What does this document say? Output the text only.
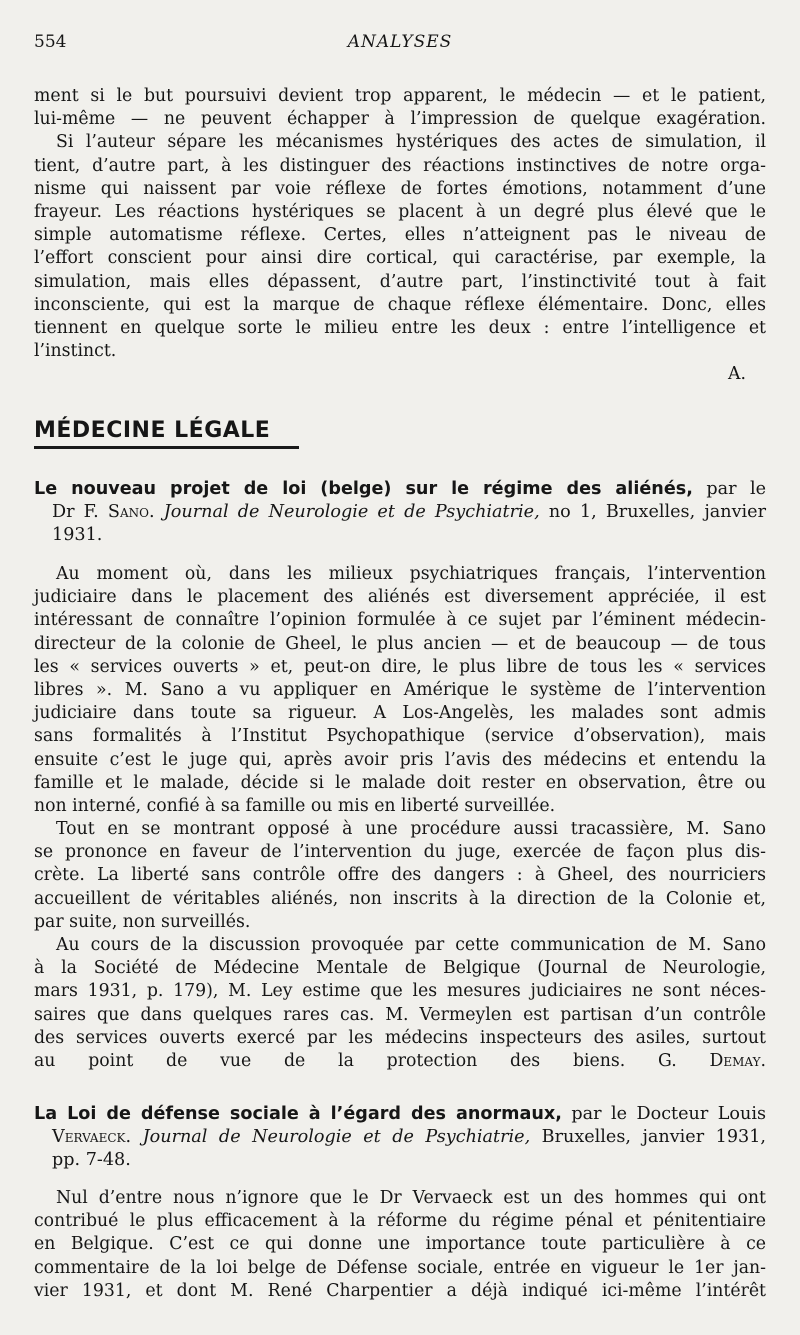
554	ANALYSES
ment si le but poursuivi devient trop apparent, le médecin — et le patient,
lui-même — ne peuvent échapper à l’impression de quelque exagération.
Si l’auteur sépare les mécanismes hystériques des actes de simulation, il
tient, d’autre part, à les distinguer des réactions instinctives de notre orga-
nisme qui naissent par voie réflexe de fortes émotions, notamment d’une
frayeur. Les réactions hystériques se placent à un degré plus élevé que le
simple automatisme réflexe. Certes, elles n’atteignent pas le niveau de
l’effort conscient pour ainsi dire cortical, qui caractérise, par exemple, la
simulation, mais elles dépassent, d’autre part, l’instinctivité tout à fait
inconsciente, qui est la marque de chaque réflexe élémentaire. Donc, elles
tiennent en quelque sorte le milieu entre les deux : entre l’intelligence et
l’instinct.
A.
MÉDECINE LÉGALE
Le nouveau projet de loi (belge) sur le régime des aliénés, par le
Dr F. Sano. Journal de Neurologie et de Psychiatrie, no 1, Bruxelles, janvier
1931.
Au moment où, dans les milieux psychiatriques français, l’intervention
judiciaire dans le placement des aliénés est diversement appréciée, il est
intéressant de connaître l’opinion formulée à ce sujet par l’éminent médecin-
directeur de la colonie de Gheel, le plus ancien — et de beaucoup — de tous
les « services ouverts » et, peut-on dire, le plus libre de tous les « services
libres ». M. Sano a vu appliquer en Amérique le système de l’intervention
judiciaire dans toute sa rigueur. A Los-Angelès, les malades sont admis
sans formalités à l’Institut Psychopathique (service d’observation), mais
ensuite c’est le juge qui, après avoir pris l’avis des médecins et entendu la
famille et le malade, décide si le malade doit rester en observation, être ou
non interné, confié à sa famille ou mis en liberté surveillée.
Tout en se montrant opposé à une procédure aussi tracassière, M. Sano
se prononce en faveur de l’intervention du juge, exercée de façon plus dis-
crète. La liberté sans contrôle offre des dangers : à Gheel, des nourriciers
accueillent de véritables aliénés, non inscrits à la direction de la Colonie et,
par suite, non surveillés.
Au cours de la discussion provoquée par cette communication de M. Sano
à la Société de Médecine Mentale de Belgique (Journal de Neurologie,
mars 1931, p. 179), M. Ley estime que les mesures judiciaires ne sont néces-
saires que dans quelques rares cas. M. Vermeylen est partisan d’un contrôle
des services ouverts exercé par les médecins inspecteurs des asiles, surtout
au point de vue de la protection des biens. G. Demay.
La Loi de défense sociale à l’égard des anormaux, par le Docteur Louis
Vervaeck. Journal de Neurologie et de Psychiatrie, Bruxelles, janvier 1931,
pp. 7-48.
Nul d’entre nous n’ignore que le Dr Vervaeck est un des hommes qui ont
contribué le plus efficacement à la réforme du régime pénal et pénitentiaire
en Belgique. C’est ce qui donne une importance toute particulière à ce
commentaire de la loi belge de Défense sociale, entrée en vigueur le 1er jan-
vier 1931, et dont M. René Charpentier a déjà indiqué ici-même l’intérêt
